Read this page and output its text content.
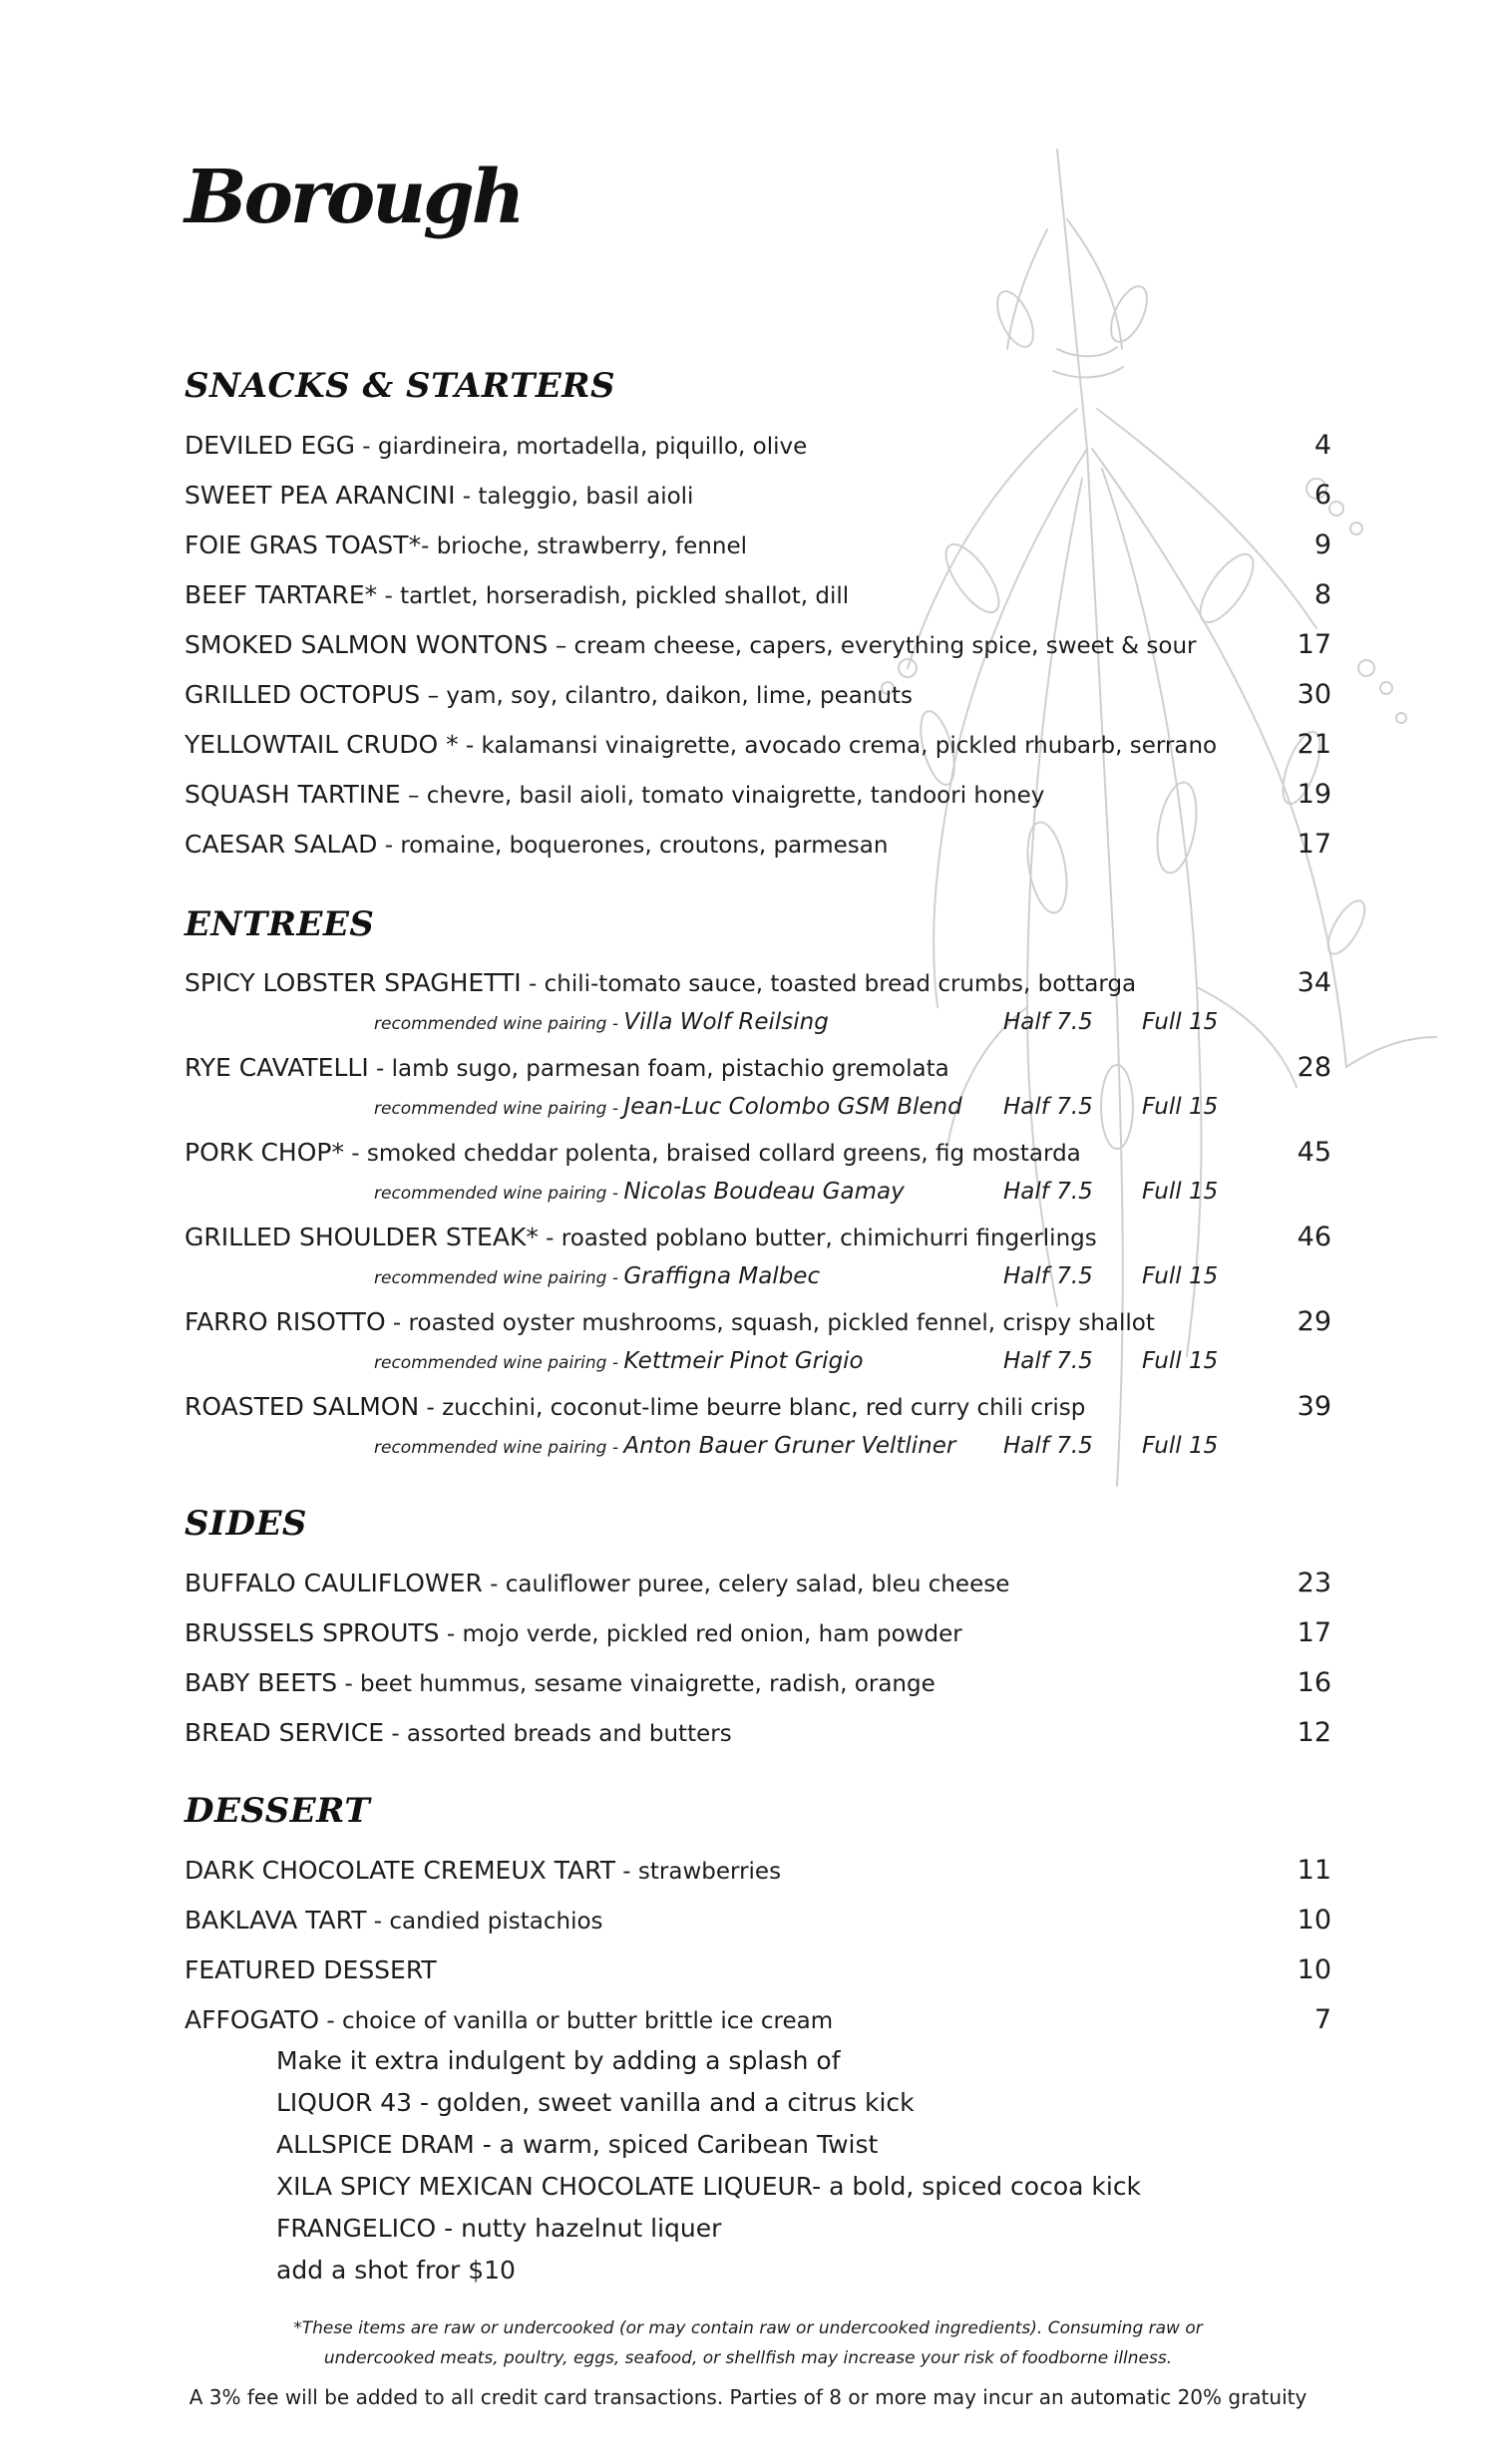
Borough
SNACKS & STARTERS
DEVILED EGG - giardineira, mortadella, piquillo, olive	4
SWEET PEA ARANCINI - taleggio, basil aioli	6
FOIE GRAS TOAST*- brioche, strawberry, fennel	9
BEEF TARTARE* - tartlet, horseradish, pickled shallot, dill	8
SMOKED SALMON WONTONS – cream cheese, capers, everything spice, sweet & sour	17
GRILLED OCTOPUS – yam, soy, cilantro, daikon, lime, peanuts	30
YELLOWTAIL CRUDO * - kalamansi vinaigrette, avocado crema, pickled rhubarb, serrano	21
SQUASH TARTINE – chevre, basil aioli, tomato vinaigrette, tandoori honey	19
CAESAR SALAD - romaine, boquerones, croutons, parmesan	17
ENTREES
SPICY LOBSTER SPAGHETTI - chili-tomato sauce, toasted bread crumbs, bottarga	34
recommended wine pairing - Villa Wolf Reilsing	Half 7.5 Full 15
RYE CAVATELLI - lamb sugo, parmesan foam, pistachio gremolata	28
recommended wine pairing - Jean-Luc Colombo GSM Blend Half 7.5 Full 15
PORK CHOP* - smoked cheddar polenta, braised collard greens, fig mostarda	45
recommended wine pairing - Nicolas Boudeau Gamay	Half 7.5 Full 15
GRILLED SHOULDER STEAK* - roasted poblano butter, chimichurri fingerlings	46
recommended wine pairing - Graffigna Malbec	Half 7.5 Full 15
FARRO RISOTTO - roasted oyster mushrooms, squash, pickled fennel, crispy shallot	29
recommended wine pairing - Kettmeir Pinot Grigio	Half 7.5 Full 15
ROASTED SALMON - zucchini, coconut-lime beurre blanc, red curry chili crisp	39
recommended wine pairing - Anton Bauer Gruner Veltliner Half 7.5 Full 15
SIDES
BUFFALO CAULIFLOWER - cauliflower puree, celery salad, bleu cheese	23
BRUSSELS SPROUTS - mojo verde, pickled red onion, ham powder	17
BABY BEETS - beet hummus, sesame vinaigrette, radish, orange	16
BREAD SERVICE - assorted breads and butters	12
DESSERT
DARK CHOCOLATE CREMEUX TART - strawberries	11
BAKLAVA TART - candied pistachios	10
FEATURED DESSERT	10
AFFOGATO - choice of vanilla or butter brittle ice cream	7
Make it extra indulgent by adding a splash of
LIQUOR 43 - golden, sweet vanilla and a citrus kick
ALLSPICE DRAM - a warm, spiced Caribean Twist
XILA SPICY MEXICAN CHOCOLATE LIQUEUR- a bold, spiced cocoa kick
FRANGELICO - nutty hazelnut liquer
add a shot fror $10
*These items are raw or undercooked (or may contain raw or undercooked ingredients). Consuming raw or
undercooked meats, poultry, eggs, seafood, or shellfish may increase your risk of foodborne illness.
A 3% fee will be added to all credit card transactions. Parties of 8 or more may incur an automatic 20% gratuity
